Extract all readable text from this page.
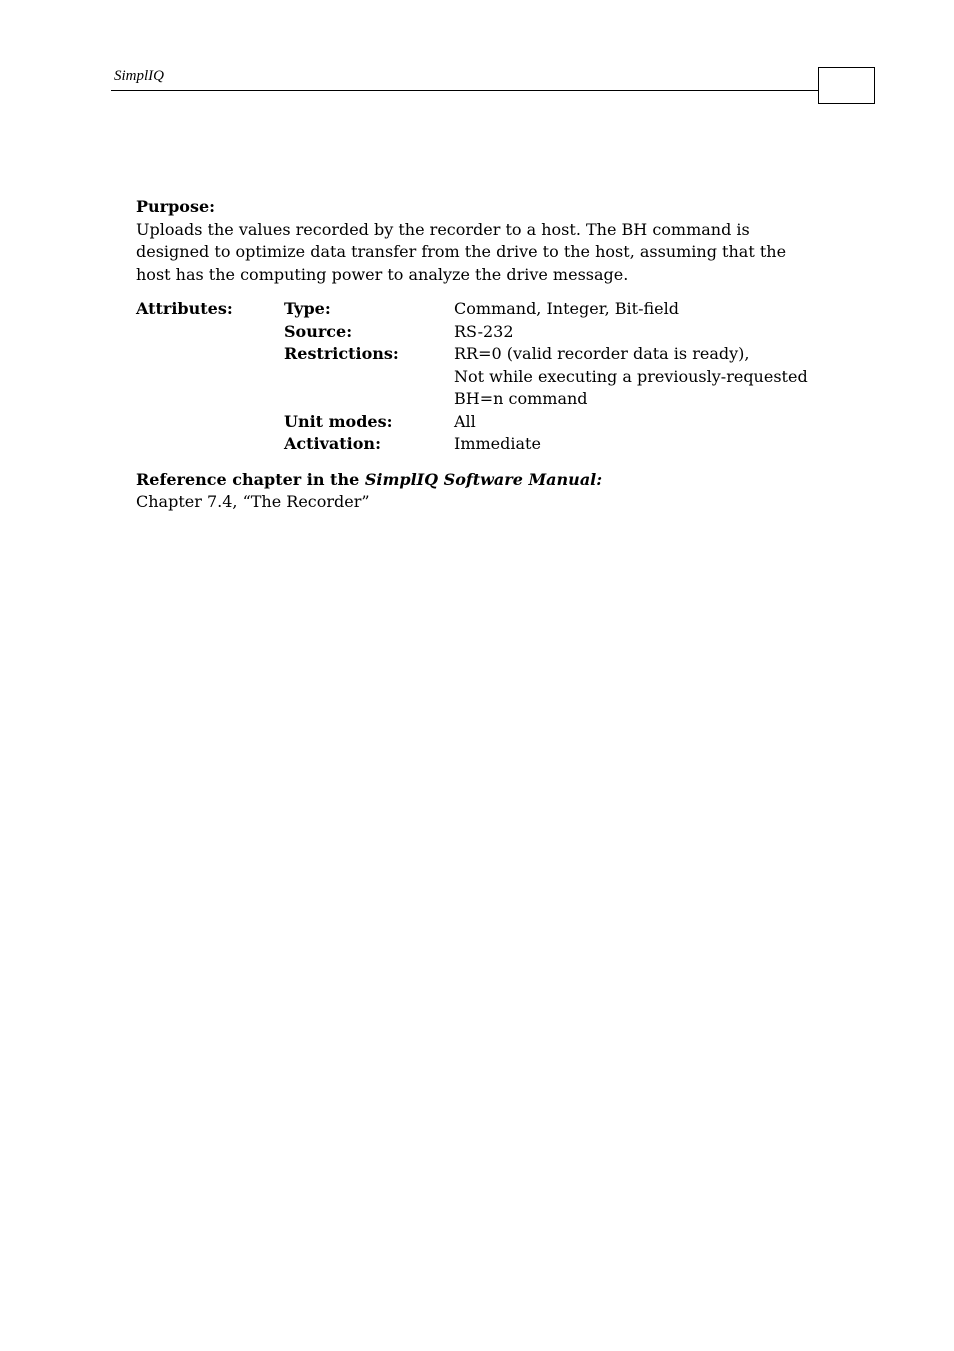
SimplIQ
Purpose:
Uploads the values recorded by the recorder to a host. The BH command is designed to optimize data transfer from the drive to the host, assuming that the host has the computing power to analyze the drive message.
Attributes:	Type:	Command, Integer, Bit-field
Source:	RS-232
Restrictions:	RR=0 (valid recorder data is ready),
Not while executing a previously-requested
BH=n command
Unit modes:	All
Activation:	Immediate
Reference chapter in the SimplIQ Software Manual:
Chapter 7.4, “The Recorder”
